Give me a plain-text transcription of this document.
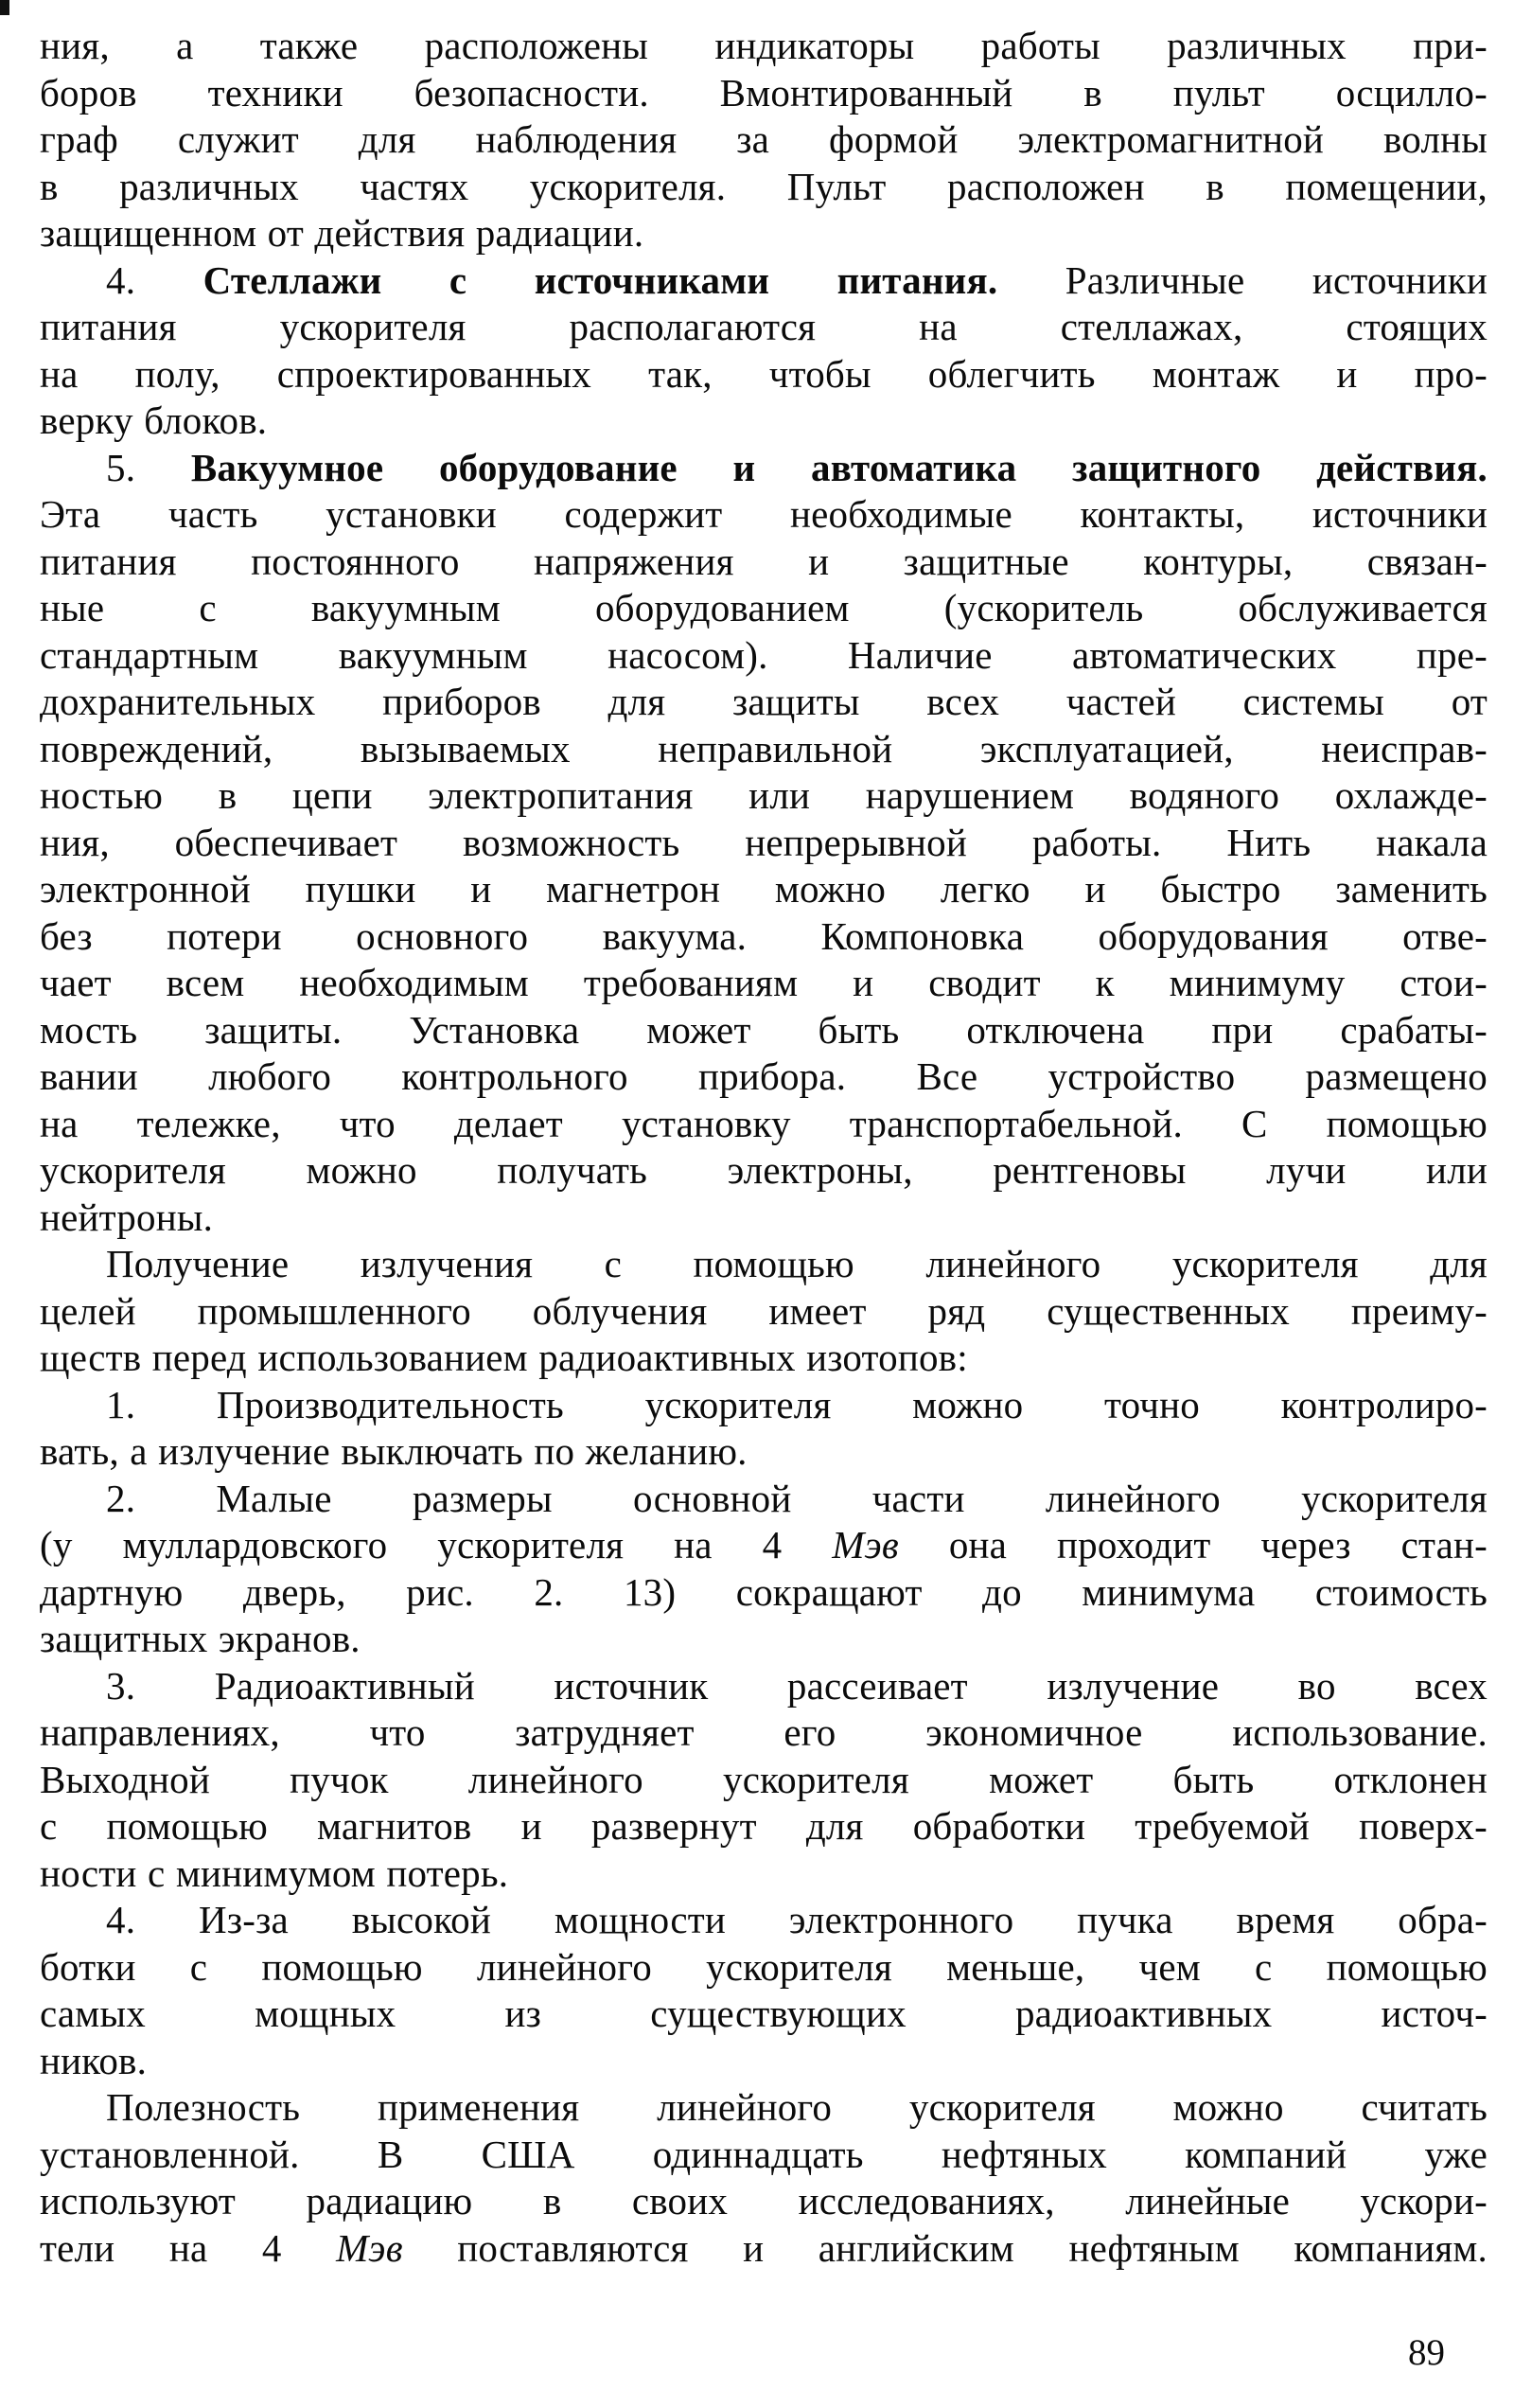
ния, а также расположены индикаторы работы различных при-
боров техники безопасности. Вмонтированный в пульт осцилло-
граф служит для наблюдения за формой электромагнитной волны
в различных частях ускорителя. Пульт расположен в помещении,
защищенном от действия радиации.
4. Стеллажи с источниками питания. Различные источники
питания ускорителя располагаются на стеллажах, стоящих
на полу, спроектированных так, чтобы облегчить монтаж и про-
верку блоков.
5. Вакуумное оборудование и автоматика защитного действия.
Эта часть установки содержит необходимые контакты, источники
питания постоянного напряжения и защитные контуры, связан-
ные с вакуумным оборудованием (ускоритель обслуживается
стандартным вакуумным насосом). Наличие автоматических пре-
дохранительных приборов для защиты всех частей системы от
повреждений, вызываемых неправильной эксплуатацией, неисправ-
ностью в цепи электропитания или нарушением водяного охлажде-
ния, обеспечивает возможность непрерывной работы. Нить накала
электронной пушки и магнетрон можно легко и быстро заменить
без потери основного вакуума. Компоновка оборудования отве-
чает всем необходимым требованиям и сводит к минимуму стои-
мость защиты. Установка может быть отключена при срабаты-
вании любого контрольного прибора. Все устройство размещено
на тележке, что делает установку транспортабельной. С помощью
ускорителя можно получать электроны, рентгеновы лучи или
нейтроны.
Получение излучения с помощью линейного ускорителя для
целей промышленного облучения имеет ряд существенных преиму-
ществ перед использованием радиоактивных изотопов:
1. Производительность ускорителя можно точно контролиро-
вать, а излучение выключать по желанию.
2. Малые размеры основной части линейного ускорителя
(у муллардовского ускорителя на 4 Мэв она проходит через стан-
дартную дверь, рис. 2. 13) сокращают до минимума стоимость
защитных экранов.
3. Радиоактивный источник рассеивает излучение во всех
направлениях, что затрудняет его экономичное использование.
Выходной пучок линейного ускорителя может быть отклонен
с помощью магнитов и развернут для обработки требуемой поверх-
ности с минимумом потерь.
4. Из-за высокой мощности электронного пучка время обра-
ботки с помощью линейного ускорителя меньше, чем с помощью
самых мощных из существующих радиоактивных источ-
ников.
Полезность применения линейного ускорителя можно считать
установленной. В США одиннадцать нефтяных компаний уже
используют радиацию в своих исследованиях, линейные ускори-
тели на 4 Мэв поставляются и английским нефтяным компаниям.
89
